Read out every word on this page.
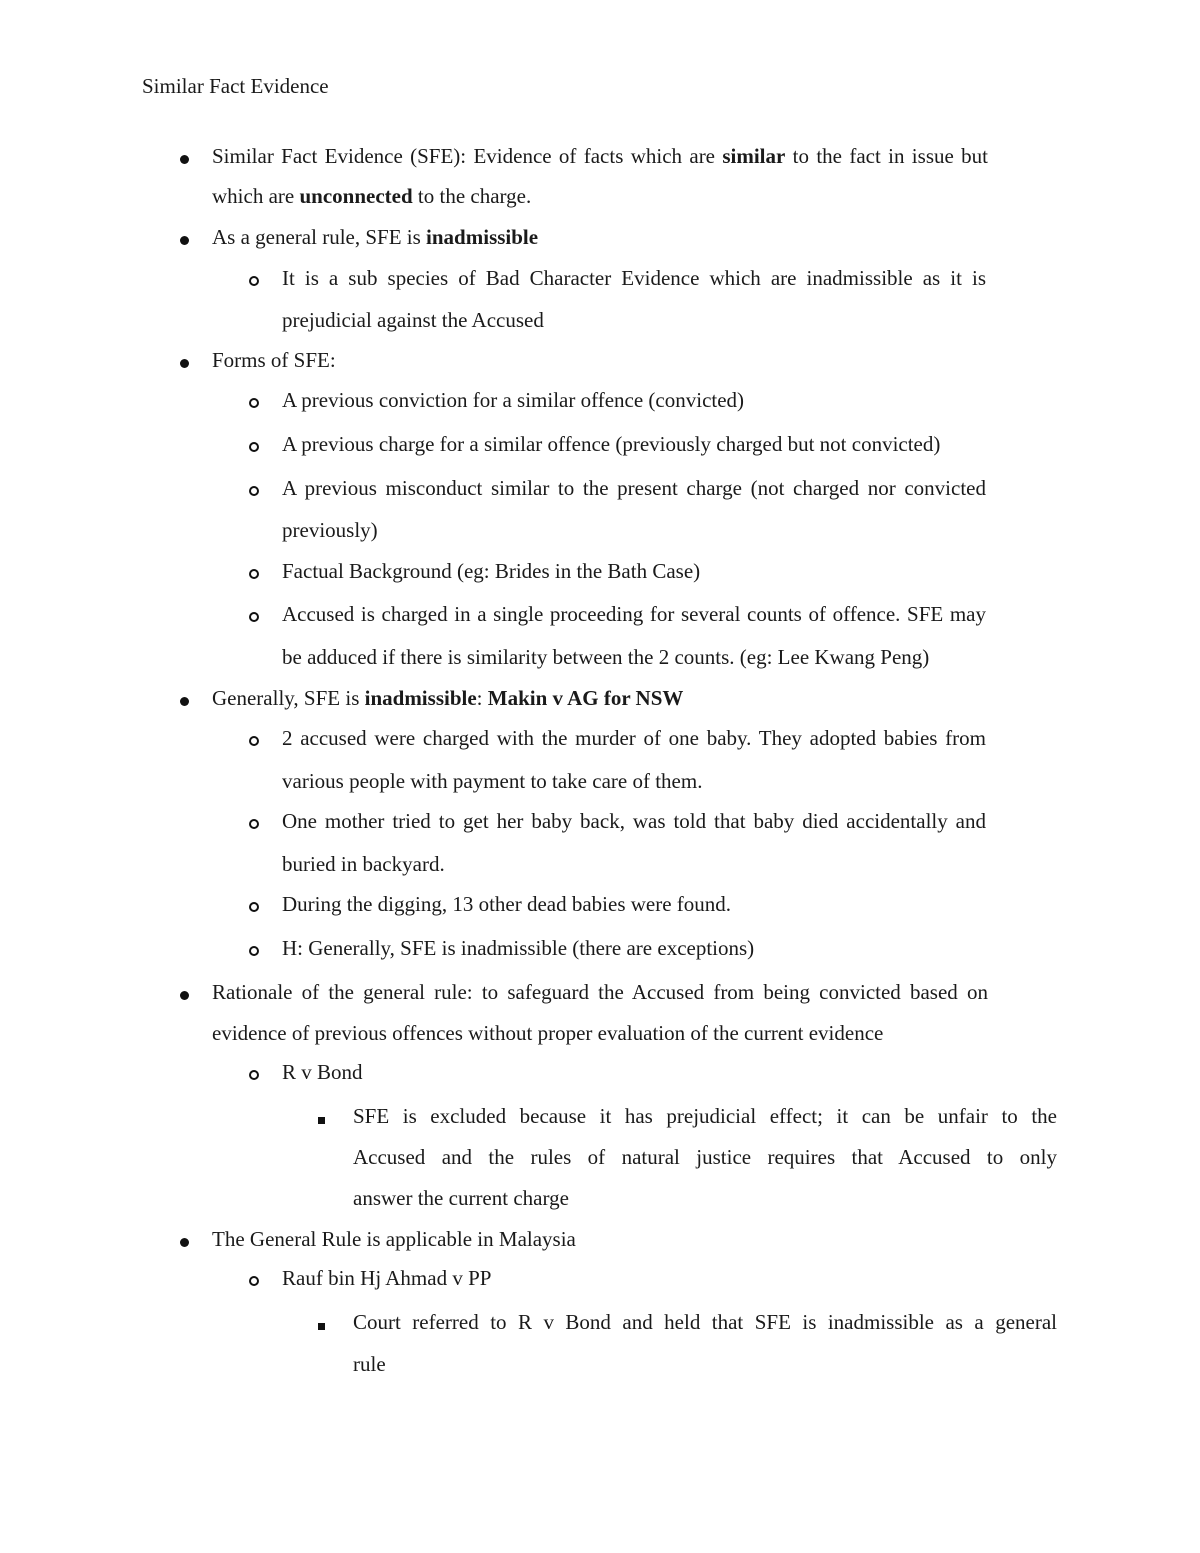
Similar Fact Evidence
Similar Fact Evidence (SFE): Evidence of facts which are similar to the fact in issue but
which are unconnected to the charge.
As a general rule, SFE is inadmissible
It is a sub species of Bad Character Evidence which are inadmissible as it is
prejudicial against the Accused
Forms of SFE:
A previous conviction for a similar offence (convicted)
A previous charge for a similar offence (previously charged but not convicted)
A previous misconduct similar to the present charge (not charged nor convicted
previously)
Factual Background (eg: Brides in the Bath Case)
Accused is charged in a single proceeding for several counts of offence. SFE may
be adduced if there is similarity between the 2 counts. (eg: Lee Kwang Peng)
Generally, SFE is inadmissible: Makin v AG for NSW
2 accused were charged with the murder of one baby. They adopted babies from
various people with payment to take care of them.
One mother tried to get her baby back, was told that baby died accidentally and
buried in backyard.
During the digging, 13 other dead babies were found.
H: Generally, SFE is inadmissible (there are exceptions)
Rationale of the general rule: to safeguard the Accused from being convicted based on
evidence of previous offences without proper evaluation of the current evidence
R v Bond
SFE is excluded because it has prejudicial effect; it can be unfair to the
Accused and the rules of natural justice requires that Accused to only
answer the current charge
The General Rule is applicable in Malaysia
Rauf bin Hj Ahmad v PP
Court referred to R v Bond and held that SFE is inadmissible as a general
rule
